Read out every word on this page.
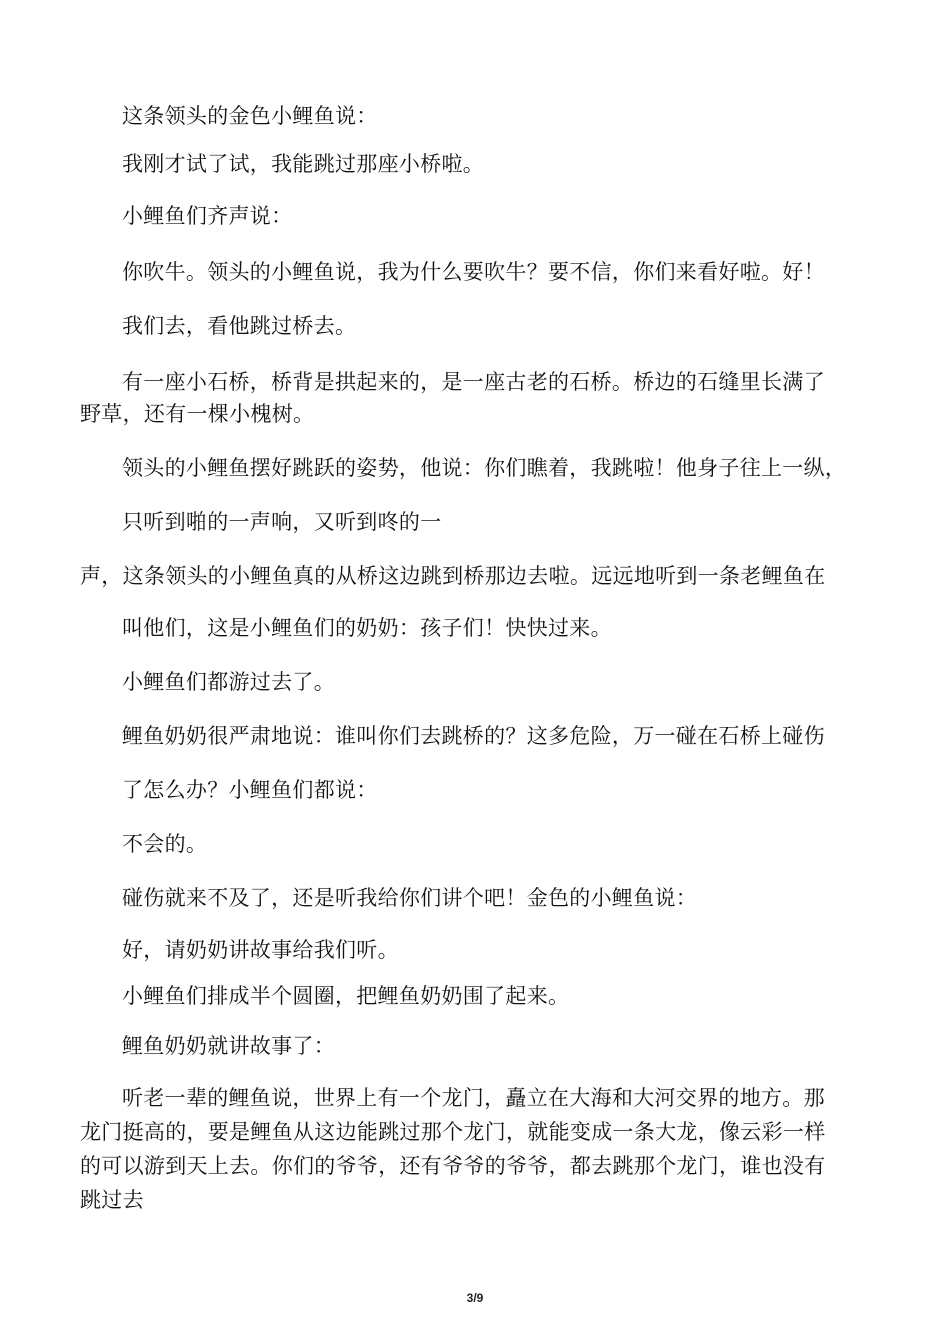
这条领头的金色小鲤鱼说：
我刚才试了试，我能跳过那座小桥啦。
小鲤鱼们齐声说：
你吹牛。领头的小鲤鱼说，我为什么要吹牛？要不信，你们来看好啦。好！
我们去，看他跳过桥去。
有一座小石桥，桥背是拱起来的，是一座古老的石桥。桥边的石缝里长满了
野草，还有一棵小槐树。
领头的小鲤鱼摆好跳跃的姿势，他说：你们瞧着，我跳啦！他身子往上一纵，
只听到啪的一声响，又听到咚的一
声，这条领头的小鲤鱼真的从桥这边跳到桥那边去啦。远远地听到一条老鲤鱼在
叫他们，这是小鲤鱼们的奶奶：孩子们！快快过来。
小鲤鱼们都游过去了。
鲤鱼奶奶很严肃地说：谁叫你们去跳桥的？这多危险，万一碰在石桥上碰伤
了怎么办？小鲤鱼们都说：
不会的。
碰伤就来不及了，还是听我给你们讲个吧！金色的小鲤鱼说：
好，请奶奶讲故事给我们听。
小鲤鱼们排成半个圆圈，把鲤鱼奶奶围了起来。
鲤鱼奶奶就讲故事了：
听老一辈的鲤鱼说，世界上有一个龙门，矗立在大海和大河交界的地方。那
龙门挺高的，要是鲤鱼从这边能跳过那个龙门，就能变成一条大龙，像云彩一样
的可以游到天上去。你们的爷爷，还有爷爷的爷爷，都去跳那个龙门，谁也没有
跳过去
3/9
